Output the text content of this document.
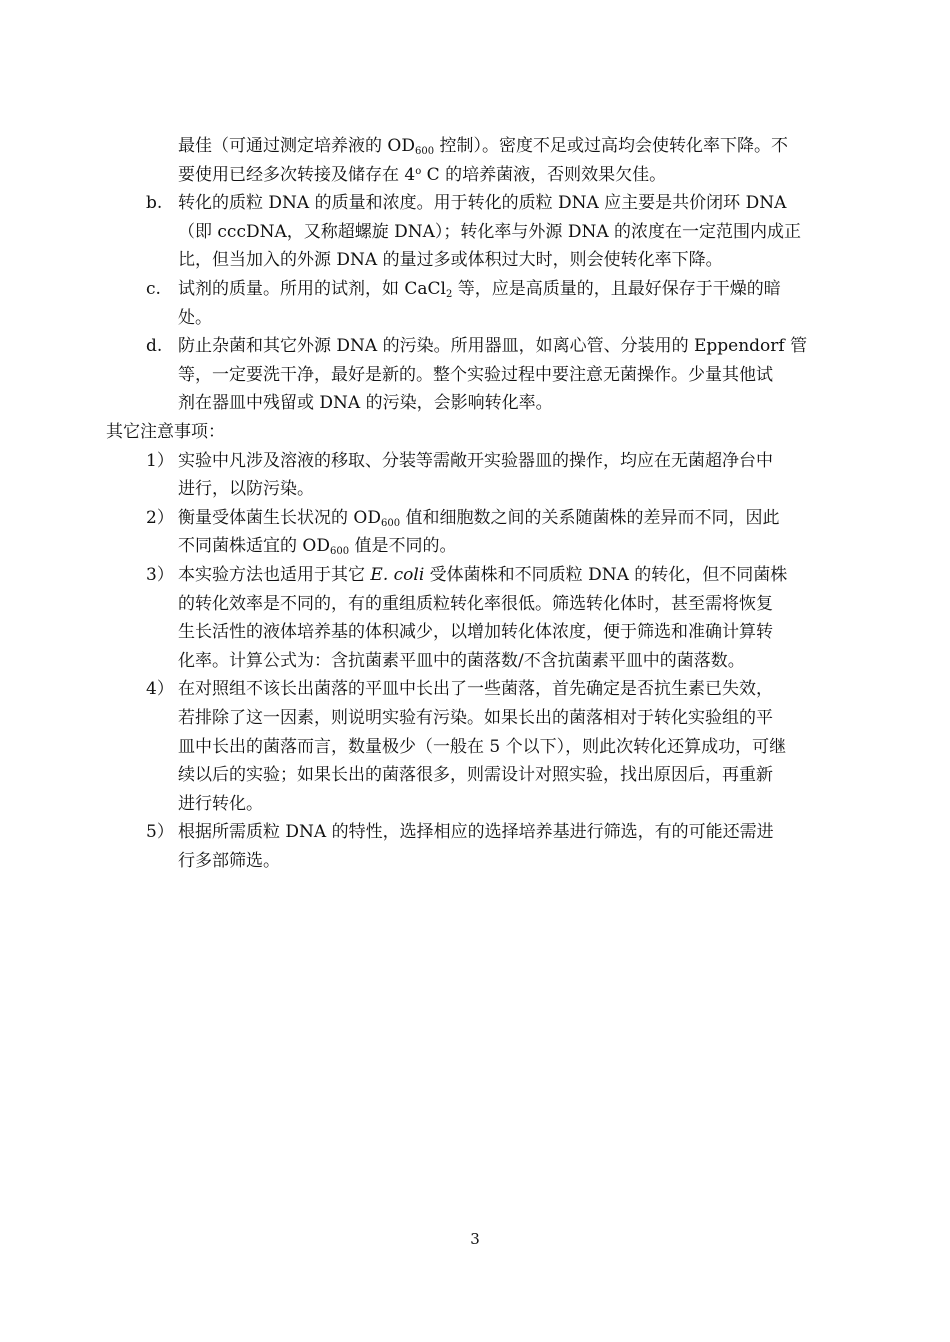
最佳（可通过测定培养液的 $OD_{600}$ 控制）。密度不足或过高均会使转化率下降。不
要使用已经多次转接及储存在 4$^o$ C 的培养菌液，否则效果欠佳。
b. 转化的质粒 DNA 的质量和浓度。用于转化的质粒 DNA 应主要是共价闭环 DNA
（即 cccDNA，又称超螺旋 DNA）；转化率与外源 DNA 的浓度在一定范围内成正
比，但当加入的外源 DNA 的量过多或体积过大时，则会使转化率下降。
c. 试剂的质量。所用的试剂，如 CaCl$_2$ 等，应是高质量的，且最好保存于干燥的暗
处。
d. 防止杂菌和其它外源 DNA 的污染。所用器皿，如离心管、分装用的 Eppendorf 管
等，一定要洗干净，最好是新的。整个实验过程中要注意无菌操作。少量其他试
剂在器皿中残留或 DNA 的污染，会影响转化率。
其它注意事项：
1） 实验中凡涉及溶液的移取、分装等需敞开实验器皿的操作，均应在无菌超净台中
进行，以防污染。
2） 衡量受体菌生长状况的 $OD_{600}$ 值和细胞数之间的关系随菌株的差异而不同，因此
不同菌株适宜的 $OD_{600}$ 值是不同的。
3） 本实验方法也适用于其它 E. coli 受体菌株和不同质粒 DNA 的转化，但不同菌株
的转化效率是不同的，有的重组质粒转化率很低。筛选转化体时，甚至需将恢复
生长活性的液体培养基的体积减少，以增加转化体浓度，便于筛选和准确计算转
化率。计算公式为：含抗菌素平皿中的菌落数/不含抗菌素平皿中的菌落数。
4） 在对照组不该长出菌落的平皿中长出了一些菌落，首先确定是否抗生素已失效，
若排除了这一因素，则说明实验有污染。如果长出的菌落相对于转化实验组的平
皿中长出的菌落而言，数量极少（一般在 5 个以下），则此次转化还算成功，可继
续以后的实验；如果长出的菌落很多，则需设计对照实验，找出原因后，再重新
进行转化。
5） 根据所需质粒 DNA 的特性，选择相应的选择培养基进行筛选，有的可能还需进
行多部筛选。
3
